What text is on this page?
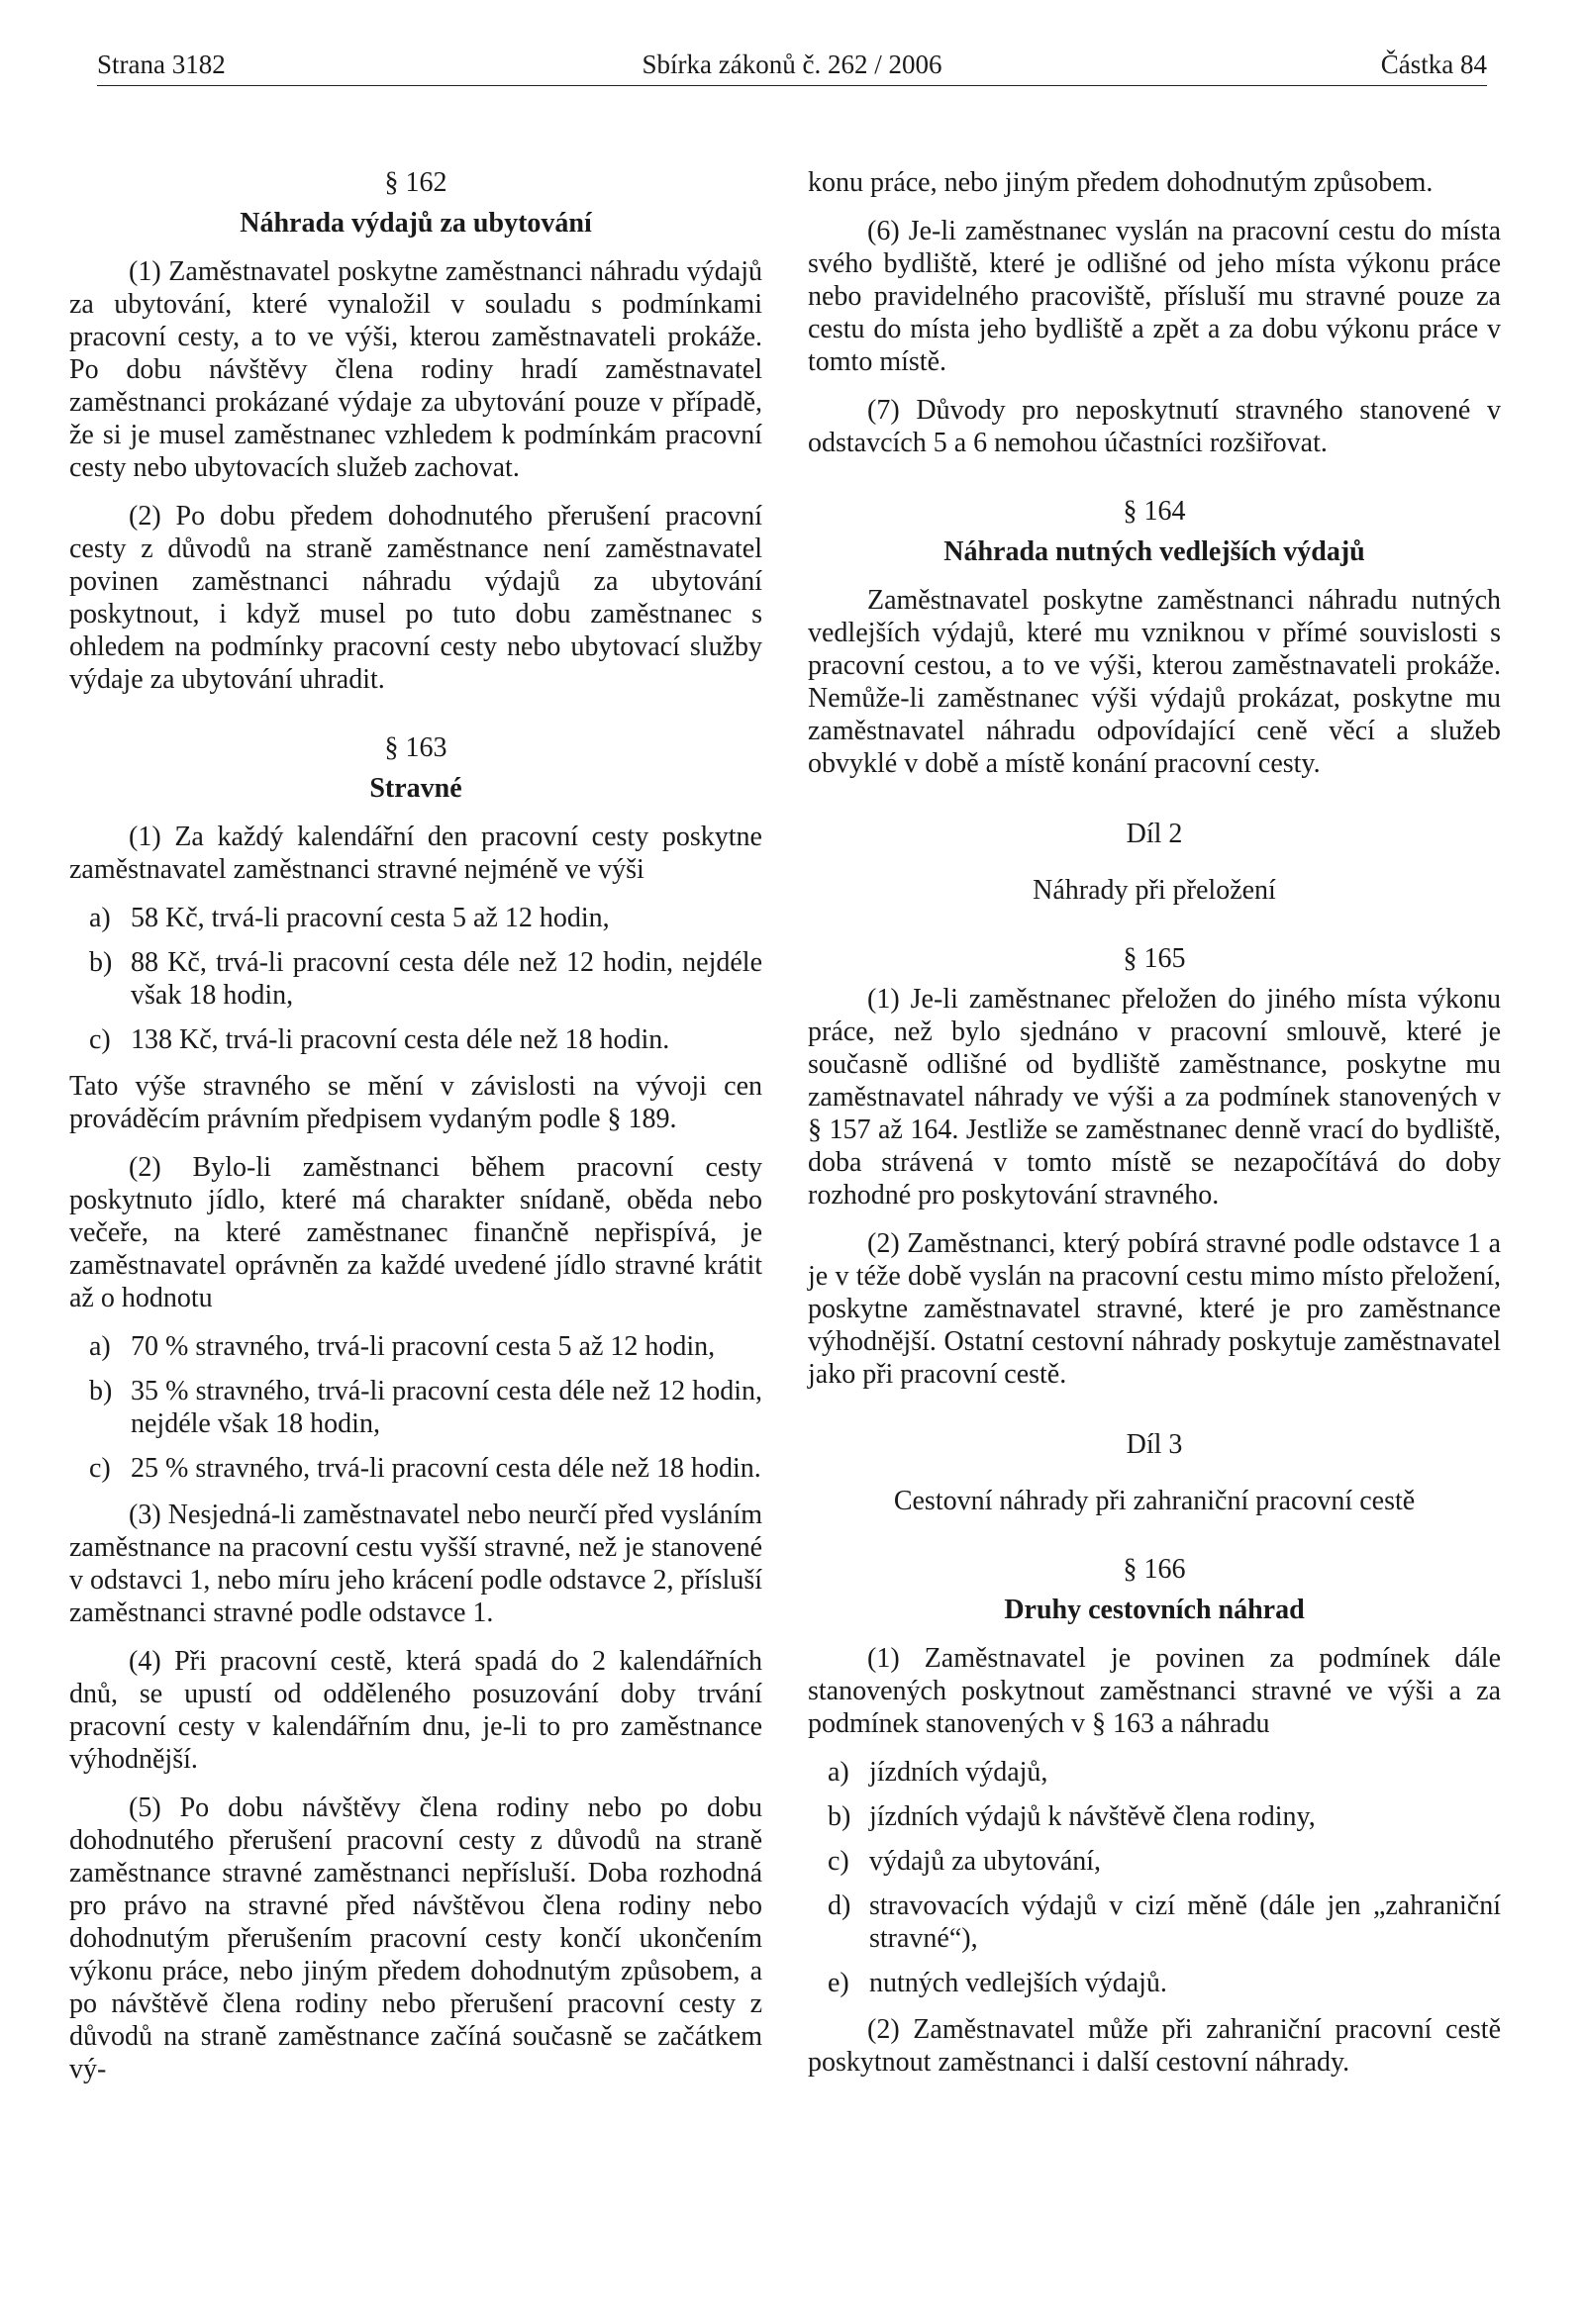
Strana 3182	Sbírka zákonů č. 262 / 2006	Částka 84
§ 162
Náhrada výdajů za ubytování

(1) Zaměstnavatel poskytne zaměstnanci náhradu výdajů za ubytování, které vynaložil v souladu s podmínkami pracovní cesty, a to ve výši, kterou zaměstnavateli prokáže. Po dobu návštěvy člena rodiny hradí zaměstnavatel zaměstnanci prokázané výdaje za ubytování pouze v případě, že si je musel zaměstnanec vzhledem k podmínkám pracovní cesty nebo ubytovacích služeb zachovat.

(2) Po dobu předem dohodnutého přerušení pracovní cesty z důvodů na straně zaměstnance není zaměstnavatel povinen zaměstnanci náhradu výdajů za ubytování poskytnout, i když musel po tuto dobu zaměstnanec s ohledem na podmínky pracovní cesty nebo ubytovací služby výdaje za ubytování uhradit.

§ 163
Stravné

(1) Za každý kalendářní den pracovní cesty poskytne zaměstnavatel zaměstnanci stravné nejméně ve výši

a) 58 Kč, trvá-li pracovní cesta 5 až 12 hodin,
b) 88 Kč, trvá-li pracovní cesta déle než 12 hodin, nejdéle však 18 hodin,
c) 138 Kč, trvá-li pracovní cesta déle než 18 hodin.

Tato výše stravného se mění v závislosti na vývoji cen prováděcím právním předpisem vydaným podle § 189.

(2) Bylo-li zaměstnanci během pracovní cesty poskytnuto jídlo, které má charakter snídaně, oběda nebo večeře, na které zaměstnanec finančně nepřispívá, je zaměstnavatel oprávněn za každé uvedené jídlo stravné krátit až o hodnotu

a) 70 % stravného, trvá-li pracovní cesta 5 až 12 hodin,
b) 35 % stravného, trvá-li pracovní cesta déle než 12 hodin, nejdéle však 18 hodin,
c) 25 % stravného, trvá-li pracovní cesta déle než 18 hodin.

(3) Nesjedná-li zaměstnavatel nebo neurčí před vysláním zaměstnance na pracovní cestu vyšší stravné, než je stanovené v odstavci 1, nebo míru jeho krácení podle odstavce 2, přísluší zaměstnanci stravné podle odstavce 1.

(4) Při pracovní cestě, která spadá do 2 kalendářních dnů, se upustí od odděleného posuzování doby trvání pracovní cesty v kalendářním dnu, je-li to pro zaměstnance výhodnější.

(5) Po dobu návštěvy člena rodiny nebo po dobu dohodnutého přerušení pracovní cesty z důvodů na straně zaměstnance stravné zaměstnanci nepřísluší. Doba rozhodná pro právo na stravné před návštěvou člena rodiny nebo dohodnutým přerušením pracovní cesty končí ukončením výkonu práce, nebo jiným předem dohodnutým způsobem, a po návštěvě člena rodiny nebo přerušení pracovní cesty z důvodů na straně zaměstnance začíná současně se začátkem vý-

konu práce, nebo jiným předem dohodnutým způsobem.

(6) Je-li zaměstnanec vyslán na pracovní cestu do místa svého bydliště, které je odlišné od jeho místa výkonu práce nebo pravidelného pracoviště, přísluší mu stravné pouze za cestu do místa jeho bydliště a zpět a za dobu výkonu práce v tomto místě.

(7) Důvody pro neposkytnutí stravného stanovené v odstavcích 5 a 6 nemohou účastníci rozšiřovat.

§ 164
Náhrada nutných vedlejších výdajů

Zaměstnavatel poskytne zaměstnanci náhradu nutných vedlejších výdajů, které mu vzniknou v přímé souvislosti s pracovní cestou, a to ve výši, kterou zaměstnavateli prokáže. Nemůže-li zaměstnanec výši výdajů prokázat, poskytne mu zaměstnavatel náhradu odpovídající ceně věcí a služeb obvyklé v době a místě konání pracovní cesty.

Díl 2
Náhrady při přeložení
§ 165

(1) Je-li zaměstnanec přeložen do jiného místa výkonu práce, než bylo sjednáno v pracovní smlouvě, které je současně odlišné od bydliště zaměstnance, poskytne mu zaměstnavatel náhrady ve výši a za podmínek stanovených v § 157 až 164. Jestliže se zaměstnanec denně vrací do bydliště, doba strávená v tomto místě se nezapočítává do doby rozhodné pro poskytování stravného.

(2) Zaměstnanci, který pobírá stravné podle odstavce 1 a je v téže době vyslán na pracovní cestu mimo místo přeložení, poskytne zaměstnavatel stravné, které je pro zaměstnance výhodnější. Ostatní cestovní náhrady poskytuje zaměstnavatel jako při pracovní cestě.

Díl 3
Cestovní náhrady při zahraniční pracovní cestě
§ 166
Druhy cestovních náhrad

(1) Zaměstnavatel je povinen za podmínek dále stanovených poskytnout zaměstnanci stravné ve výši a za podmínek stanovených v § 163 a náhradu

a) jízdních výdajů,
b) jízdních výdajů k návštěvě člena rodiny,
c) výdajů za ubytování,
d) stravovacích výdajů v cizí měně (dále jen „zahraniční stravné“),
e) nutných vedlejších výdajů.

(2) Zaměstnavatel může při zahraniční pracovní cestě poskytnout zaměstnanci i další cestovní náhrady.
